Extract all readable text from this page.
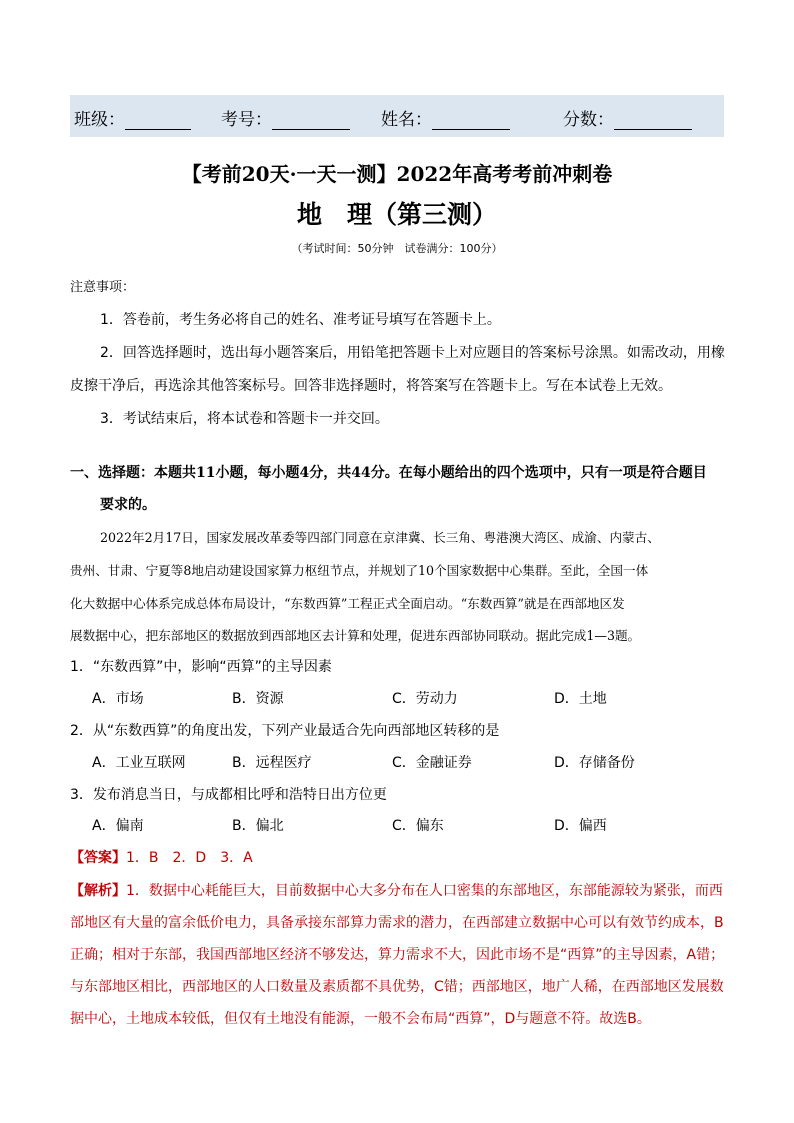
班级：	考号：	姓名：	分数：
【考前20天·一天一测】2022年高考考前冲刺卷
地　理（第三测）
（考试时间：50分钟　试卷满分：100分）
注意事项：
1．答卷前，考生务必将自己的姓名、准考证号填写在答题卡上。
2．回答选择题时，选出每小题答案后，用铅笔把答题卡上对应题目的答案标号涂黑。如需改动，用橡
皮擦干净后，再选涂其他答案标号。回答非选择题时，将答案写在答题卡上。写在本试卷上无效。
3．考试结束后，将本试卷和答题卡一并交回。
一、选择题：本题共11小题，每小题4分，共44分。在每小题给出的四个选项中，只有一项是符合题目
要求的。
2022年2月17日，国家发展改革委等四部门同意在京津冀、长三角、粤港澳大湾区、成渝、内蒙古、
贵州、甘肃、宁夏等8地启动建设国家算力枢纽节点，并规划了10个国家数据中心集群。至此，全国一体
化大数据中心体系完成总体布局设计，“东数西算”工程正式全面启动。“东数西算”就是在西部地区发
展数据中心，把东部地区的数据放到西部地区去计算和处理，促进东西部协同联动。据此完成1—3题。
1．“东数西算”中，影响“西算”的主导因素
A．市场	B．资源	C．劳动力	D．土地
2．从“东数西算”的角度出发，下列产业最适合先向西部地区转移的是
A．工业互联网	B．远程医疗	C．金融证券	D．存储备份
3．发布消息当日，与成都相比呼和浩特日出方位更
A．偏南	B．偏北	C．偏东	D．偏西
【答案】1．B　2．D　3．A
【解析】1．数据中心耗能巨大，目前数据中心大多分布在人口密集的东部地区，东部能源较为紧张，而西
部地区有大量的富余低价电力，具备承接东部算力需求的潜力，在西部建立数据中心可以有效节约成本，B
正确；相对于东部，我国西部地区经济不够发达，算力需求不大，因此市场不是“西算”的主导因素，A错；
与东部地区相比，西部地区的人口数量及素质都不具优势，C错；西部地区，地广人稀，在西部地区发展数
据中心，土地成本较低，但仅有土地没有能源，一般不会布局“西算”，D与题意不符。故选B。
